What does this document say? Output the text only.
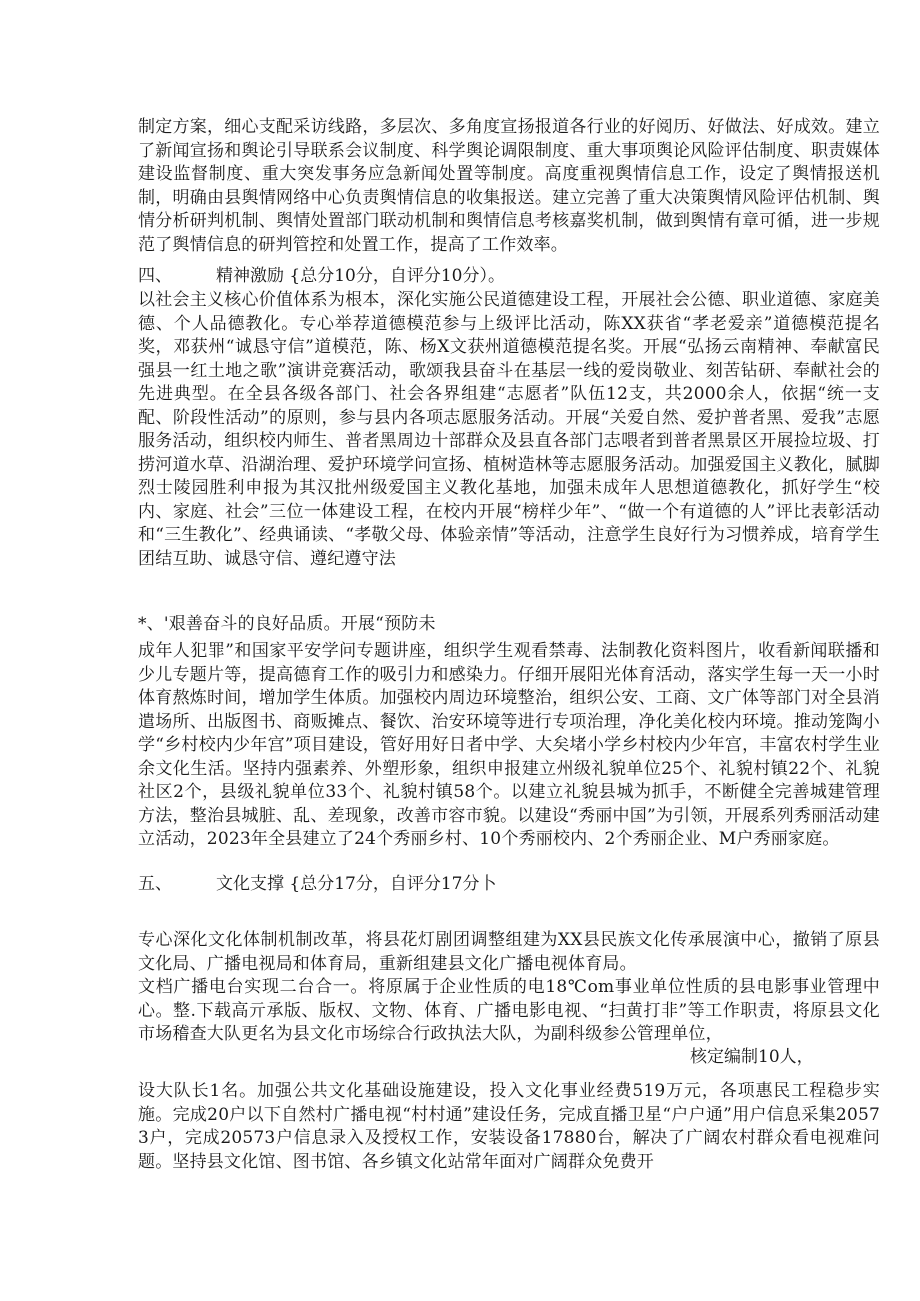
制定方案，细心支配采访线路，多层次、多角度宣扬报道各行业的好阅历、好做法、好成效。建立了新闻宣扬和舆论引导联系会议制度、科学舆论调限制度、重大事项舆论风险评估制度、职责媒体建设监督制度、重大突发事务应急新闻处置等制度。高度重视舆情信息工作，设定了舆情报送机制，明确由县舆情网络中心负责舆情信息的收集报送。建立完善了重大决策舆情风险评估机制、舆情分析研判机制、舆情处置部门联动机制和舆情信息考核嘉奖机制，做到舆情有章可循，进一步规范了舆情信息的研判管控和处置工作，提高了工作效率。

四、	精神激励 {总分10分，自评分10分）。

以社会主义核心价值体系为根本，深化实施公民道德建设工程，开展社会公德、职业道德、家庭美德、个人品德教化。专心举荐道德模范参与上级评比活动，陈XX获省“孝老爱亲”道德模范提名奖，邓获州“诚恳守信”道模范，陈、杨X文获州道德模范提名奖。开展“弘扬云南精神、奉献富民强县一红土地之歌”演讲竞赛活动，歌颂我县奋斗在基层一线的爱岗敬业、刻苦钻研、奉献社会的先进典型。在全县各级各部门、社会各界组建“志愿者”队伍12支，共2000余人，依据“统一支配、阶段性活动”的原则，参与县内各项志愿服务活动。开展“关爱自然、爱护普者黑、爱我”志愿服务活动，组织校内师生、普者黑周边十部群众及县直各部门志喂者到普者黑景区开展捡垃圾、打捞河道水草、沿湖治理、爱护环境学问宣扬、植树造林等志愿服务活动。加强爱国主义教化，腻脚烈士陵园胜利申报为其汉批州级爱国主义教化基地，加强未成年人思想道德教化，抓好学生“校内、家庭、社会”三位一体建设工程，在校内开展“榜样少年”、“做一个有道德的人”评比表彰活动和“三生教化”、经典诵读、“孝敬父母、体验亲情”等活动，注意学生良好行为习惯养成，培育学生团结互助、诚恳守信、遵纪遵守法

*、'艰善奋斗的良好品质。开展“预防未

成年人犯罪”和国家平安学问专题讲座，组织学生观看禁毒、法制教化资料图片，收看新闻联播和少儿专题片等，提高德育工作的吸引力和感染力。仔细开展阳光体育活动，落实学生每一天一小时体育熬炼时间，增加学生体质。加强校内周边环境整治，组织公安、工商、文广体等部门对全县消遣场所、出版图书、商贩摊点、餐饮、治安环境等进行专项治理，净化美化校内环境。推动笼陶小学“乡村校内少年宫”项目建设，管好用好日者中学、大矣堵小学乡村校内少年宫，丰富农村学生业余文化生活。坚持内强素养、外塑形象，组织申报建立州级礼貌单位25个、礼貌村镇22个、礼貌社区2个，县级礼貌单位33个、礼貌村镇58个。以建立礼貌县城为抓手，不断健全完善城建管理方法，整治县城脏、乱、差现象，改善市容市貌。以建设“秀丽中国”为引领，开展系列秀丽活动建立活动，2023年全县建立了24个秀丽乡村、10个秀丽校内、2个秀丽企业、M户秀丽家庭。

五、	文化支撑 {总分17分，自评分17分卜

专心深化文化体制机制改革，将县花灯剧团调整组建为XX县民族文化传承展演中心，撤销了原县文化局、广播电视局和体育局，重新组建县文化广播电视体育局。

文档广播电台实现二台合一。将原属于企业性质的电18℃om事业单位性质的县电影事业管理中心。整.下载高亓承版、版权、文物、体育、广播电影电视、“扫黄打非”等工作职责，将原县文化市场稽查大队更名为县文化市场综合行政执法大队，为副科级参公管理单位，

核定编制10人，

设大队长1名。加强公共文化基础设施建设，投入文化事业经费519万元，各项惠民工程稳步实施。完成20户以下自然村广播电视“村村通”建设任务，完成直播卫星“户户通”用户信息采集20573户，完成20573户信息录入及授权工作，安装设备17880台，解决了广阔农村群众看电视难问题。坚持县文化馆、图书馆、各乡镇文化站常年面对广阔群众免费开
